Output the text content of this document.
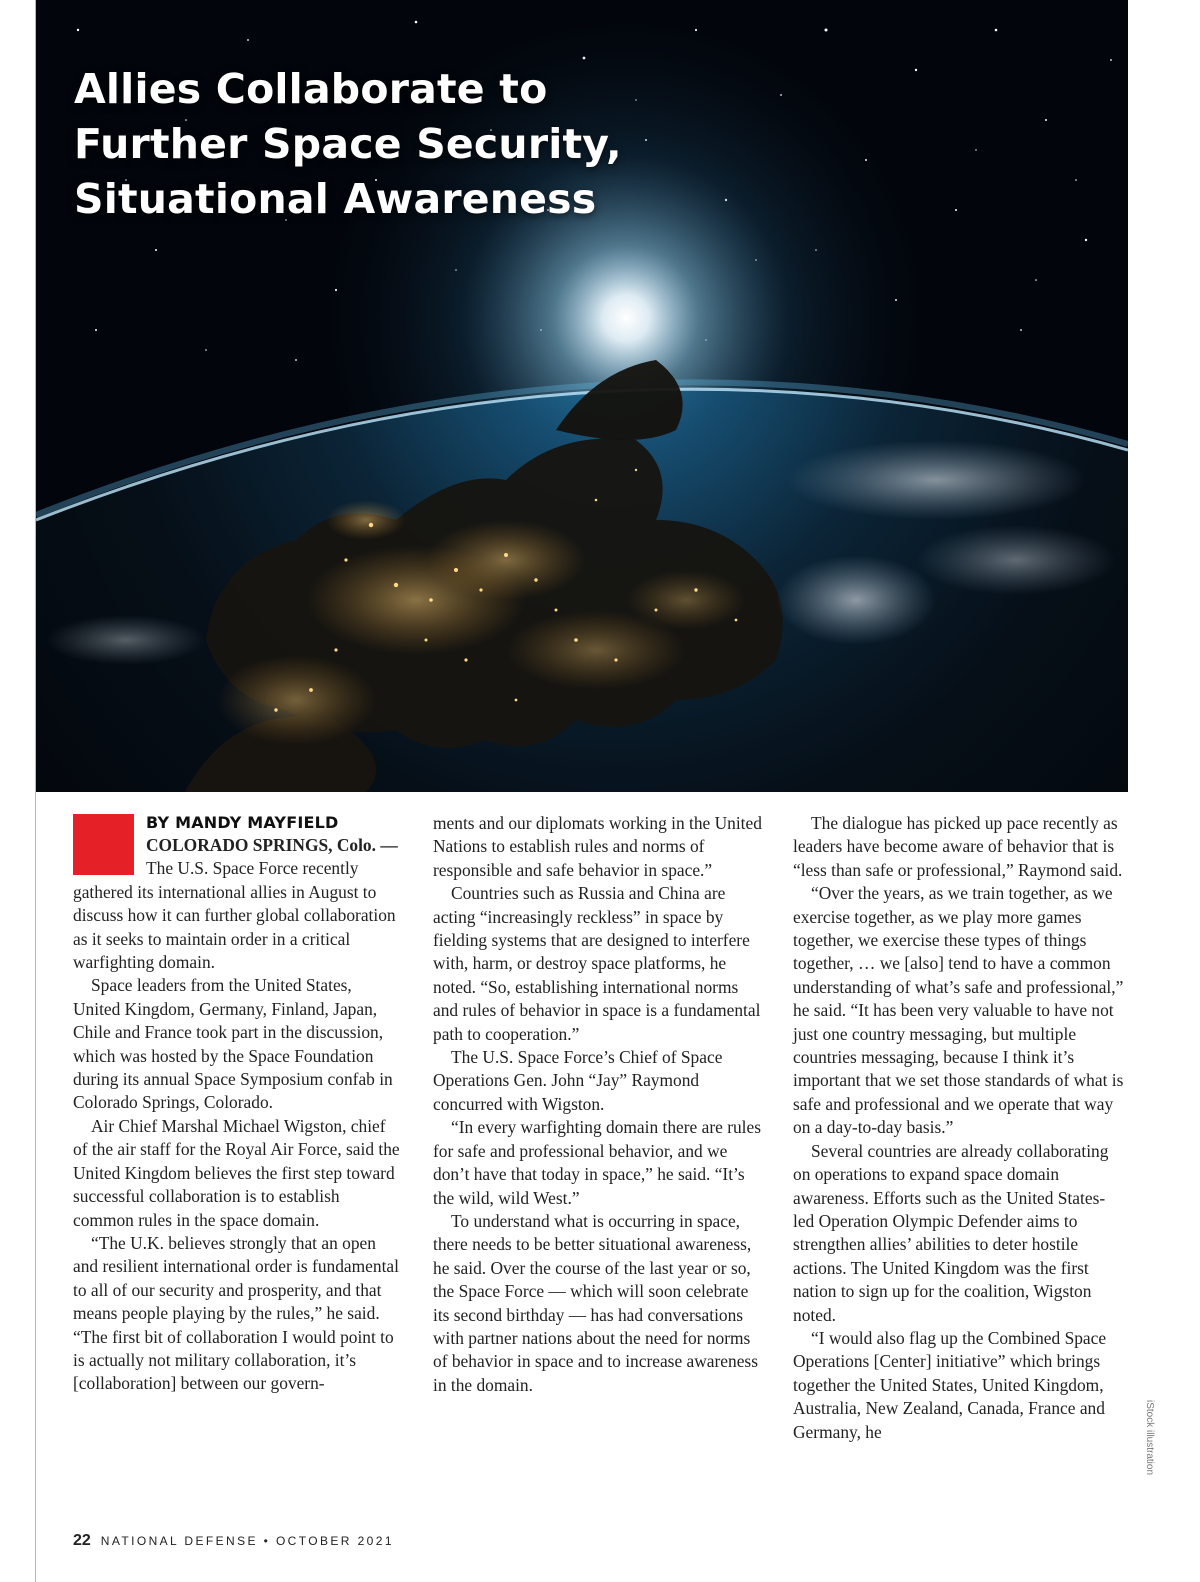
Allies Collaborate to
Further Space Security,
Situational Awareness
iStock illustration
BY MANDY MAYFIELD

COLORADO SPRINGS, Colo. — The U.S. Space Force recently gathered its international allies in August to discuss how it can further global collaboration as it seeks to maintain order in a critical warfighting domain.

Space leaders from the United States, United Kingdom, Germany, Finland, Japan, Chile and France took part in the discussion, which was hosted by the Space Foundation during its annual Space Symposium confab in Colorado Springs, Colorado.

Air Chief Marshal Michael Wigston, chief of the air staff for the Royal Air Force, said the United Kingdom believes the first step toward successful collaboration is to establish common rules in the space domain.

“The U.K. believes strongly that an open and resilient international order is fundamental to all of our security and prosperity, and that means people playing by the rules,” he said. “The first bit of collaboration I would point to is actually not military collaboration, it’s [collaboration] between our govern-

ments and our diplomats working in the United Nations to establish rules and norms of responsible and safe behavior in space.”

Countries such as Russia and China are acting “increasingly reckless” in space by fielding systems that are designed to interfere with, harm, or destroy space platforms, he noted. “So, establishing international norms and rules of behavior in space is a fundamental path to cooperation.”

The U.S. Space Force’s Chief of Space Operations Gen. John “Jay” Raymond concurred with Wigston.

“In every warfighting domain there are rules for safe and professional behavior, and we don’t have that today in space,” he said. “It’s the wild, wild West.”

To understand what is occurring in space, there needs to be better situational awareness, he said. Over the course of the last year or so, the Space Force — which will soon celebrate its second birthday — has had conversations with partner nations about the need for norms of behavior in space and to increase awareness in the domain.

The dialogue has picked up pace recently as leaders have become aware of behavior that is “less than safe or professional,” Raymond said.

“Over the years, as we train together, as we exercise together, as we play more games together, we exercise these types of things together, … we [also] tend to have a common understanding of what’s safe and professional,” he said. “It has been very valuable to have not just one country messaging, but multiple countries messaging, because I think it’s important that we set those standards of what is safe and professional and we operate that way on a day-to-day basis.”

Several countries are already collaborating on operations to expand space domain awareness. Efforts such as the United States-led Operation Olympic Defender aims to strengthen allies’ abilities to deter hostile actions. The United Kingdom was the first nation to sign up for the coalition, Wigston noted.

“I would also flag up the Combined Space Operations [Center] initiative” which brings together the United States, United Kingdom, Australia, New Zealand, Canada, France and Germany, he

22 NATIONAL DEFENSE • OCTOBER 2021
